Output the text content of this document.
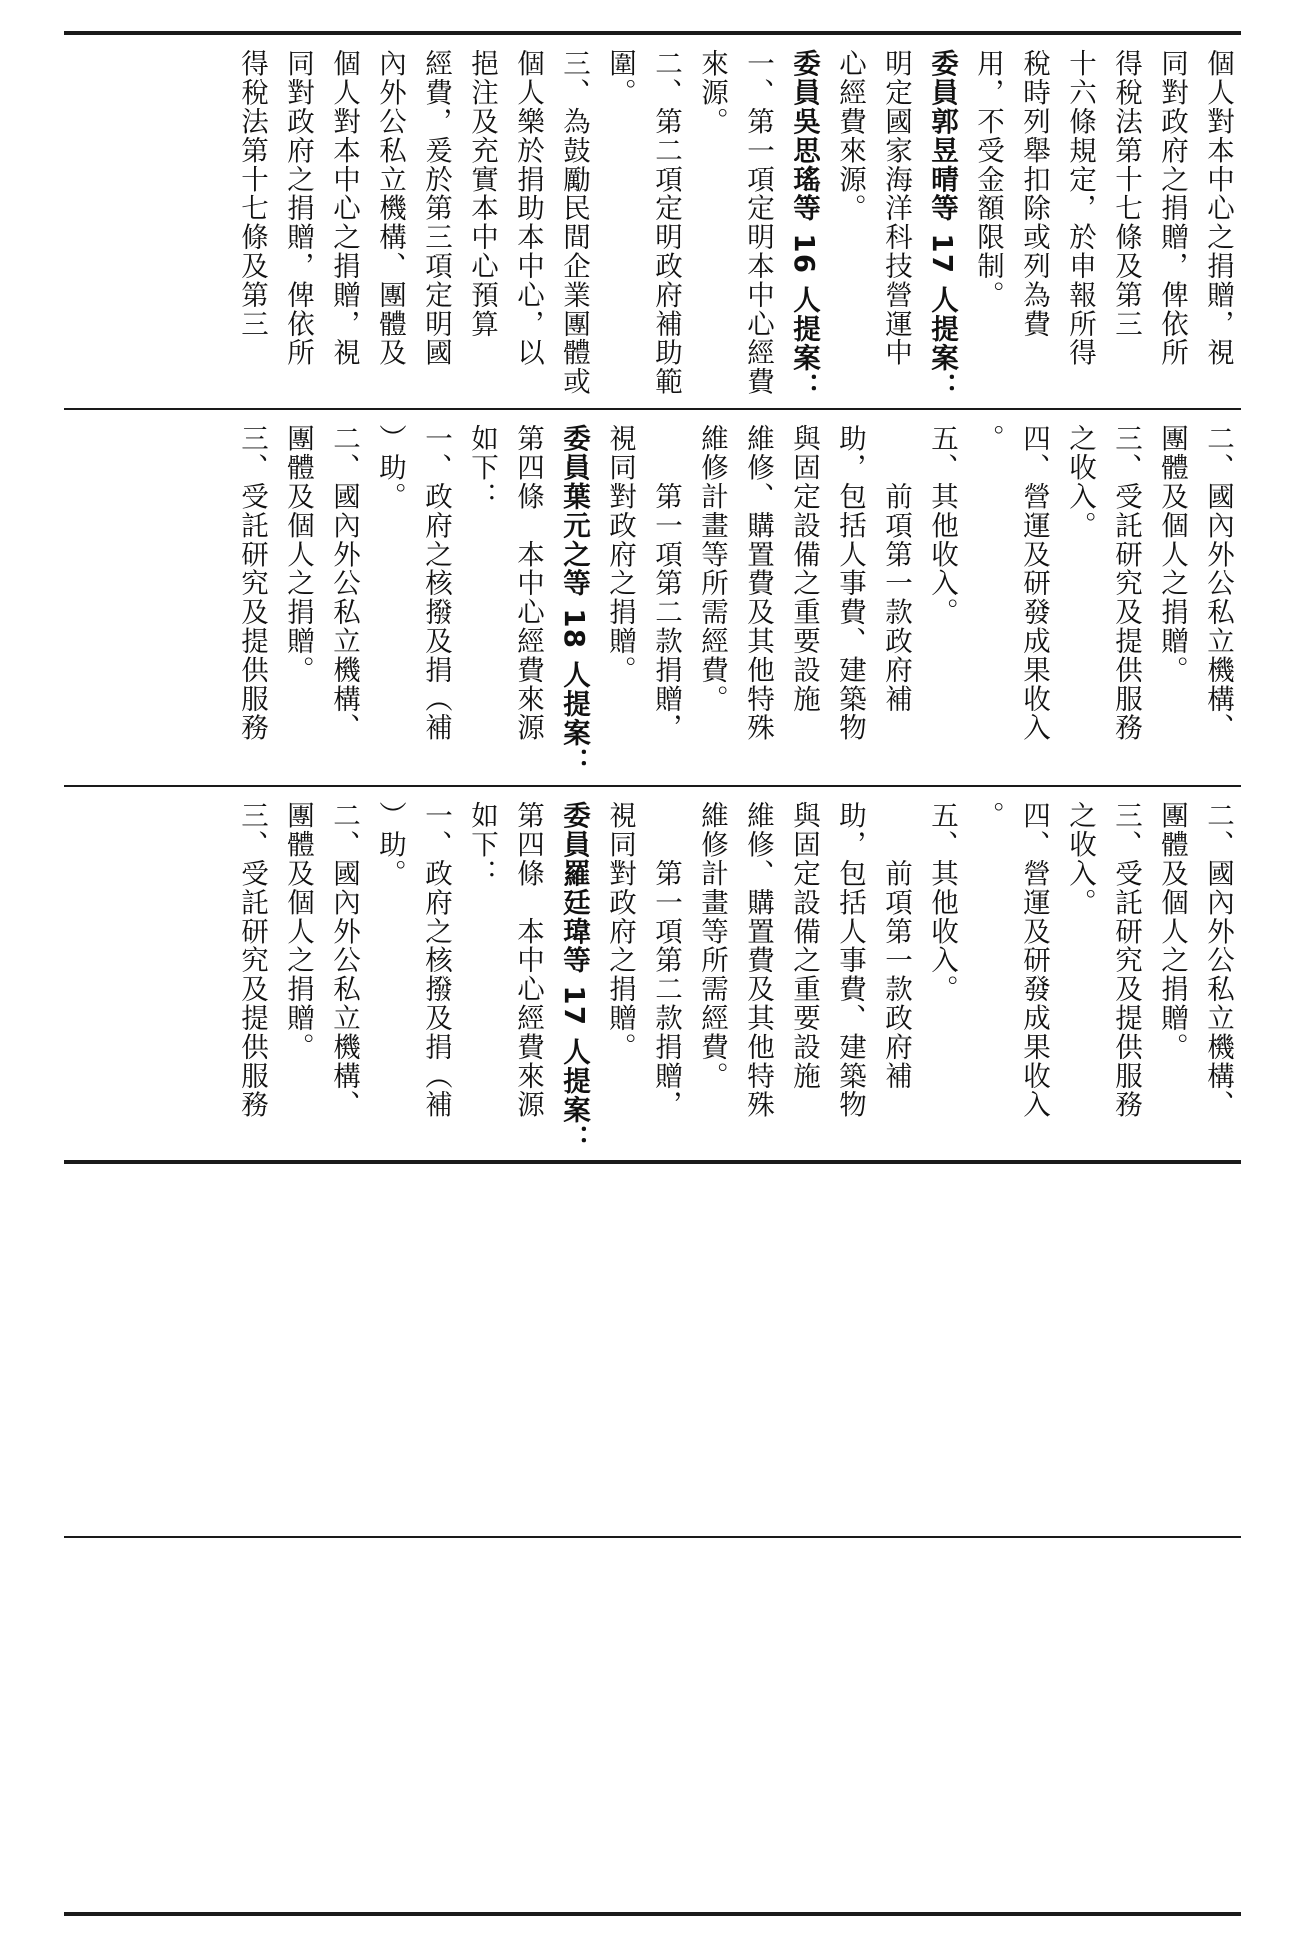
個人對本中心之捐贈，視
同對政府之捐贈，俾依所
得稅法第十七條及第三
十六條規定，於申報所得
稅時列舉扣除或列為費
用，不受金額限制。
委員郭昱晴等 17 人提案：
明定國家海洋科技營運中
心經費來源。
委員吳思瑤等 16 人提案：
一、第一項定明本中心經費
來源。
二、第二項定明政府補助範
圍。
三、為鼓勵民間企業團體或
個人樂於捐助本中心，以
挹注及充實本中心預算
經費，爰於第三項定明國
內外公私立機構、團體及
個人對本中心之捐贈，視
同對政府之捐贈，俾依所
得稅法第十七條及第三
二、國內外公私立機構、
團體及個人之捐贈。
三、受託研究及提供服務
之收入。
四、營運及研發成果收入
。
五、其他收入。
　　前項第一款政府補
助，包括人事費、建築物
與固定設備之重要設施
維修、購置費及其他特殊
維修計畫等所需經費。
　　第一項第二款捐贈，
視同對政府之捐贈。
委員葉元之等 18 人提案：
第四條　本中心經費來源
如下：
一、政府之核撥及捐（補
）助。
二、國內外公私立機構、
團體及個人之捐贈。
三、受託研究及提供服務
二、國內外公私立機構、
團體及個人之捐贈。
三、受託研究及提供服務
之收入。
四、營運及研發成果收入
。
五、其他收入。
　　前項第一款政府補
助，包括人事費、建築物
與固定設備之重要設施
維修、購置費及其他特殊
維修計畫等所需經費。
　　第一項第二款捐贈，
視同對政府之捐贈。
委員羅廷瑋等 17 人提案：
第四條　本中心經費來源
如下：
一、政府之核撥及捐（補
）助。
二、國內外公私立機構、
團體及個人之捐贈。
三、受託研究及提供服務
